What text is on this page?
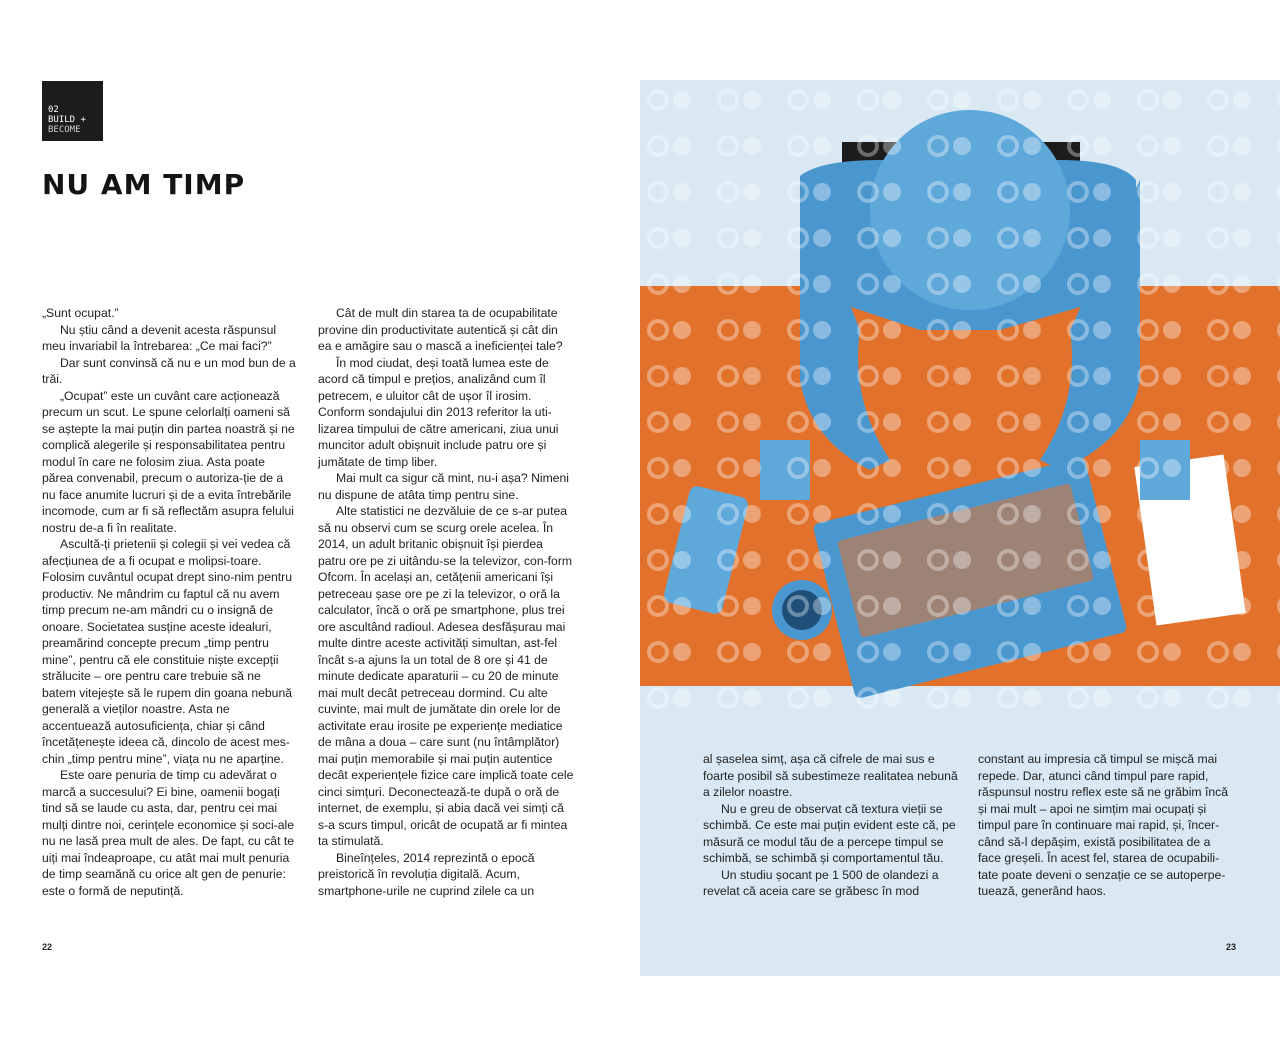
02
BUILD +
BECOME
NU AM TIMP

„Sunt ocupat.”

Nu știu când a devenit acesta răspunsul meu invariabil la întrebarea: „Ce mai faci?”

Dar sunt convinsă că nu e un mod bun de a trăi.

„Ocupat” este un cuvânt care acționează precum un scut. Le spune celorlalți oameni să se aștepte la mai puțin din partea noastră și ne complică alegerile și responsabilitatea pentru modul în care ne folosim ziua. Asta poate părea convenabil, precum o autoriza-ție de a nu face anumite lucruri și de a evita întrebările incomode, cum ar fi să reflectăm asupra felului nostru de-a fi în realitate.

Ascultă-ți prietenii și colegii și vei vedea că afecțiunea de a fi ocupat e molipsi-toare. Folosim cuvântul ocupat drept sino-nim pentru productiv. Ne mândrim cu faptul că nu avem timp precum ne-am mândri cu o insignă de onoare. Societatea susține aceste idealuri, preamărind concepte precum „timp pentru mine”, pentru că ele constituie niște excepții strălucite – ore pentru care trebuie să ne batem vitejește să le rupem din goana nebună generală a vieților noastre. Asta ne accentuează autosuficiența, chiar și când încetățenește ideea că, dincolo de acest mes-chin „timp pentru mine”, viața nu ne aparține.

Este oare penuria de timp cu adevărat o marcă a succesului? Ei bine, oamenii bogați tind să se laude cu asta, dar, pentru cei mai mulți dintre noi, cerințele economice și soci-ale nu ne lasă prea mult de ales. De fapt, cu cât te uiți mai îndeaproape, cu atât mai mult penuria de timp seamănă cu orice alt gen de penurie: este o formă de neputință.

Cât de mult din starea ta de ocupabilitate provine din productivitate autentică și cât din ea e amăgire sau o mască a ineficienței tale?

În mod ciudat, deși toată lumea este de acord că timpul e prețios, analizând cum îl petrecem, e uluitor cât de ușor îl irosim. Conform sondajului din 2013 referitor la uti-lizarea timpului de către americani, ziua unui muncitor adult obișnuit include patru ore și jumătate de timp liber.

Mai mult ca sigur că mint, nu-i așa? Nimeni nu dispune de atâta timp pentru sine.

Alte statistici ne dezvăluie de ce s-ar putea să nu observi cum se scurg orele acelea. În 2014, un adult britanic obișnuit își pierdea patru ore pe zi uitându-se la televizor, con-form Ofcom. În același an, cetățenii americani își petreceau șase ore pe zi la televizor, o oră la calculator, încă o oră pe smartphone, plus trei ore ascultând radioul. Adesea desfășurau mai multe dintre aceste activități simultan, ast-fel încât s-a ajuns la un total de 8 ore și 41 de minute dedicate aparaturii – cu 20 de minute mai mult decât petreceau dormind. Cu alte cuvinte, mai mult de jumătate din orele lor de activitate erau irosite pe experiențe mediatice de mâna a doua – care sunt (nu întâmplător) mai puțin memorabile și mai puțin autentice decât experiențele fizice care implică toate cele cinci simțuri. Deconectează-te după o oră de internet, de exemplu, și abia dacă vei simți că s-a scurs timpul, oricât de ocupată ar fi mintea ta stimulată.

Bineînțeles, 2014 reprezintă o epocă preistorică în revoluția digitală. Acum, smartphone-urile ne cuprind zilele ca un

22

al șaselea simț, așa că cifrele de mai sus e foarte posibil să subestimeze realitatea nebună a zilelor noastre.

Nu e greu de observat că textura vieții se schimbă. Ce este mai puțin evident este că, pe măsură ce modul tău de a percepe timpul se schimbă, se schimbă și comportamentul tău.

Un studiu șocant pe 1 500 de olandezi a revelat că aceia care se grăbesc în mod

constant au impresia că timpul se mișcă mai repede. Dar, atunci când timpul pare rapid, răspunsul nostru reflex este să ne grăbim încă și mai mult – apoi ne simțim mai ocupați și timpul pare în continuare mai rapid, și, încer-când să-l depășim, există posibilitatea de a face greșeli. În acest fel, starea de ocupabili-tate poate deveni o senzație ce se autoperpe-tuează, generând haos.

23
